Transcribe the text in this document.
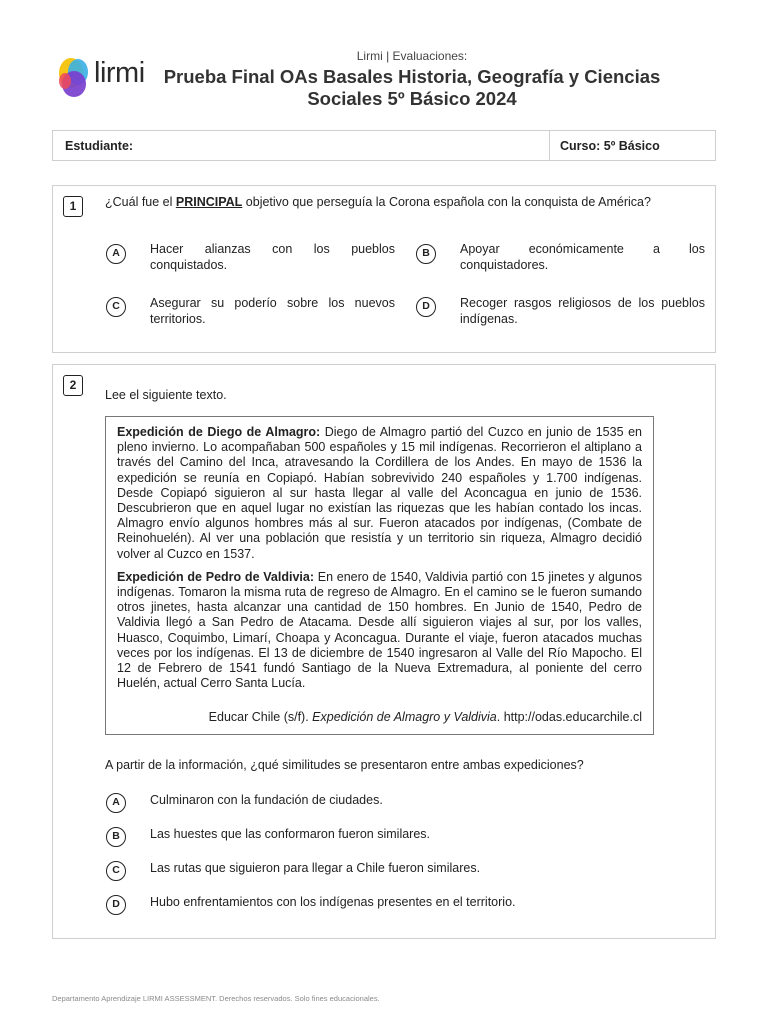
lirmi
Lirmi | Evaluaciones:
Prueba Final OAs Basales Historia, Geografía y Ciencias Sociales 5º Básico 2024
Estudiante:	Curso: 5º Básico
1	¿Cuál fue el PRINCIPAL objetivo que perseguía la Corona española con la conquista de América?
A	Hacer alianzas con los pueblos conquistados.
B	Apoyar económicamente a los conquistadores.
C	Asegurar su poderío sobre los nuevos territorios.
D	Recoger rasgos religiosos de los pueblos indígenas.
2
Lee el siguiente texto.

Expedición de Diego de Almagro: Diego de Almagro partió del Cuzco en junio de 1535 en pleno invierno. Lo acompañaban 500 españoles y 15 mil indígenas. Recorrieron el altiplano a través del Camino del Inca, atravesando la Cordillera de los Andes. En mayo de 1536 la expedición se reunía en Copiapó. Habían sobrevivido 240 españoles y 1.700 indígenas. Desde Copiapó siguieron al sur hasta llegar al valle del Aconcagua en junio de 1536. Descubrieron que en aquel lugar no existían las riquezas que les habían contado los incas. Almagro envío algunos hombres más al sur. Fueron atacados por indígenas, (Combate de Reinohuelén). Al ver una población que resistía y un territorio sin riqueza, Almagro decidió volver al Cuzco en 1537.

Expedición de Pedro de Valdivia: En enero de 1540, Valdivia partió con 15 jinetes y algunos indígenas. Tomaron la misma ruta de regreso de Almagro. En el camino se le fueron sumando otros jinetes, hasta alcanzar una cantidad de 150 hombres. En Junio de 1540, Pedro de Valdivia llegó a San Pedro de Atacama. Desde allí siguieron viajes al sur, por los valles, Huasco, Coquimbo, Limarí, Choapa y Aconcagua. Durante el viaje, fueron atacados muchas veces por los indígenas. El 13 de diciembre de 1540 ingresaron al Valle del Río Mapocho. El 12 de Febrero de 1541 fundó Santiago de la Nueva Extremadura, al poniente del cerro Huelén, actual Cerro Santa Lucía.

Educar Chile (s/f). Expedición de Almagro y Valdivia. http://odas.educarchile.cl
A partir de la información, ¿qué similitudes se presentaron entre ambas expediciones?
A	Culminaron con la fundación de ciudades.
B	Las huestes que las conformaron fueron similares.
C	Las rutas que siguieron para llegar a Chile fueron similares.
D	Hubo enfrentamientos con los indígenas presentes en el territorio.
Departamento Aprendizaje LIRMI ASSESSMENT. Derechos reservados. Solo fines educacionales.
